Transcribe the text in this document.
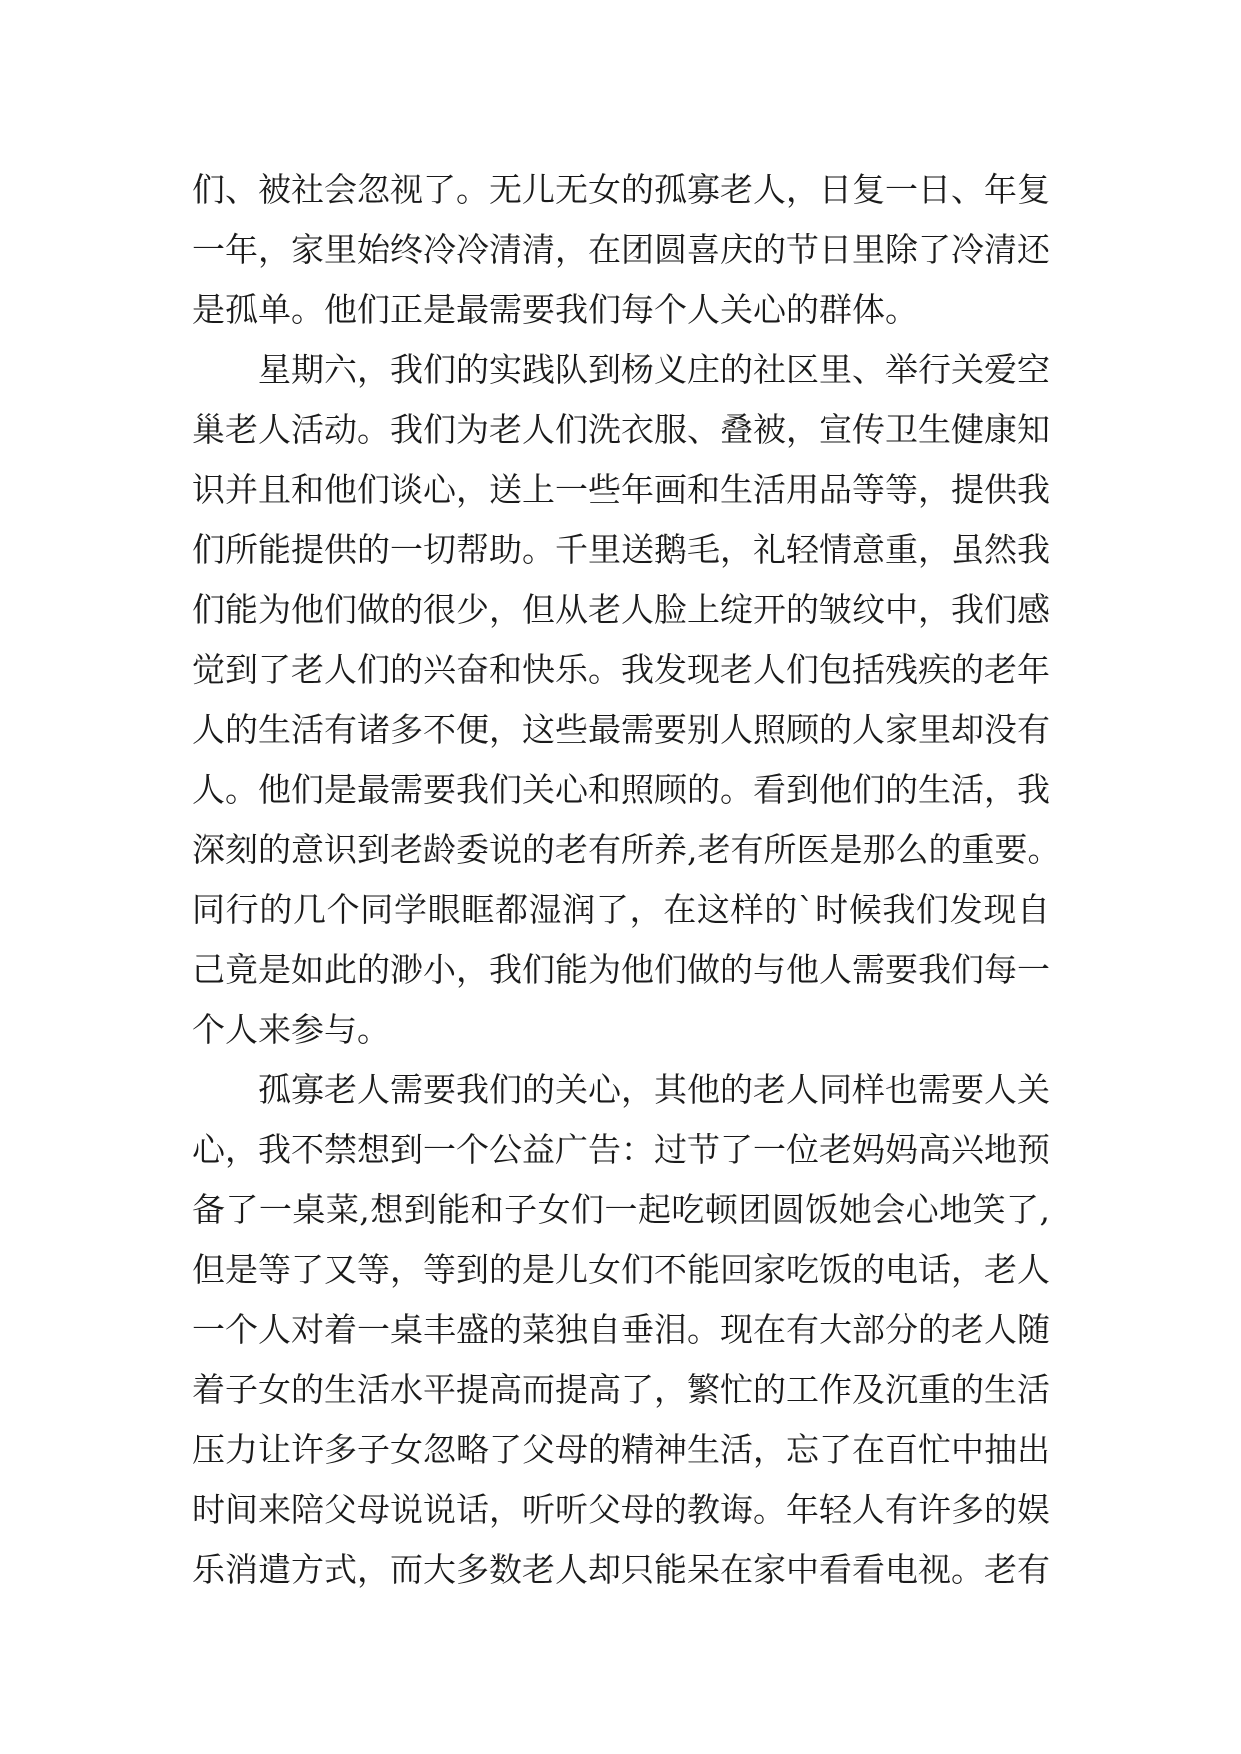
们、被社会忽视了。无儿无女的孤寡老人，日复一日、年复
一年，家里始终冷冷清清，在团圆喜庆的节日里除了冷清还
是孤单。他们正是最需要我们每个人关心的群体。
　　星期六，我们的实践队到杨义庄的社区里、举行关爱空
巢老人活动。我们为老人们洗衣服、叠被，宣传卫生健康知
识并且和他们谈心，送上一些年画和生活用品等等，提供我
们所能提供的一切帮助。千里送鹅毛，礼轻情意重，虽然我
们能为他们做的很少，但从老人脸上绽开的皱纹中，我们感
觉到了老人们的兴奋和快乐。我发现老人们包括残疾的老年
人的生活有诸多不便，这些最需要别人照顾的人家里却没有
人。他们是最需要我们关心和照顾的。看到他们的生活，我
深刻的意识到老龄委说的老有所养,老有所医是那么的重要。
同行的几个同学眼眶都湿润了，在这样的`时候我们发现自
己竟是如此的渺小，我们能为他们做的与他人需要我们每一
个人来参与。
　　孤寡老人需要我们的关心，其他的老人同样也需要人关
心，我不禁想到一个公益广告：过节了一位老妈妈高兴地预
备了一桌菜,想到能和子女们一起吃顿团圆饭她会心地笑了,
但是等了又等，等到的是儿女们不能回家吃饭的电话，老人
一个人对着一桌丰盛的菜独自垂泪。现在有大部分的老人随
着子女的生活水平提高而提高了，繁忙的工作及沉重的生活
压力让许多子女忽略了父母的精神生活，忘了在百忙中抽出
时间来陪父母说说话，听听父母的教诲。年轻人有许多的娱
乐消遣方式，而大多数老人却只能呆在家中看看电视。老有
